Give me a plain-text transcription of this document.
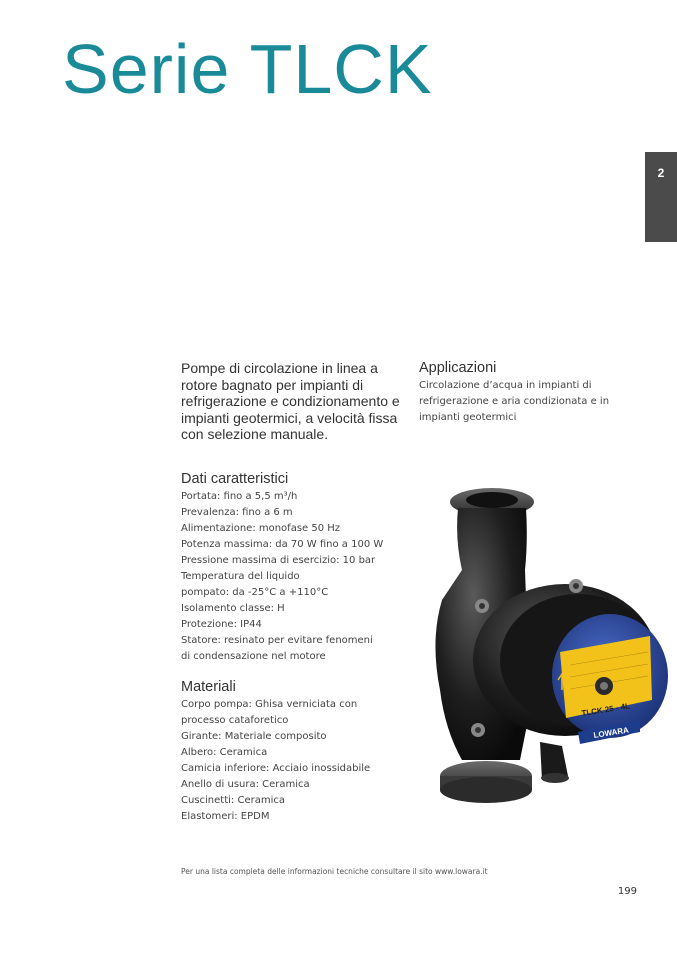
Serie TLCK
2
Pompe di circolazione in linea a rotore bagnato per impianti di refrigerazione e condizionamento e impianti geotermici, a velocità fissa con selezione manuale.
Applicazioni
Circolazione d’acqua in impianti di refrigerazione e aria condizionata e in impianti geotermici
Dati caratteristici
Portata: fino a 5,5 m³/h
Prevalenza: fino a 6 m
Alimentazione: monofase 50 Hz
Potenza massima: da 70 W fino a 100 W
Pressione massima di esercizio: 10 bar
Temperatura del liquido
pompato: da -25°C a +110°C
Isolamento classe: H
Protezione: IP44
Statore: resinato per evitare fenomeni
di condensazione nel motore
Materiali
Corpo pompa: Ghisa verniciata con
processo cataforetico
Girante: Materiale composito
Albero: Ceramica
Camicia inferiore: Acciaio inossidabile
Anello di usura: Ceramica
Cuscinetti: Ceramica
Elastomeri: EPDM
TLCK 25 - 4L
LOWARA
Per una lista completa delle informazioni tecniche consultare il sito www.lowara.it
199
